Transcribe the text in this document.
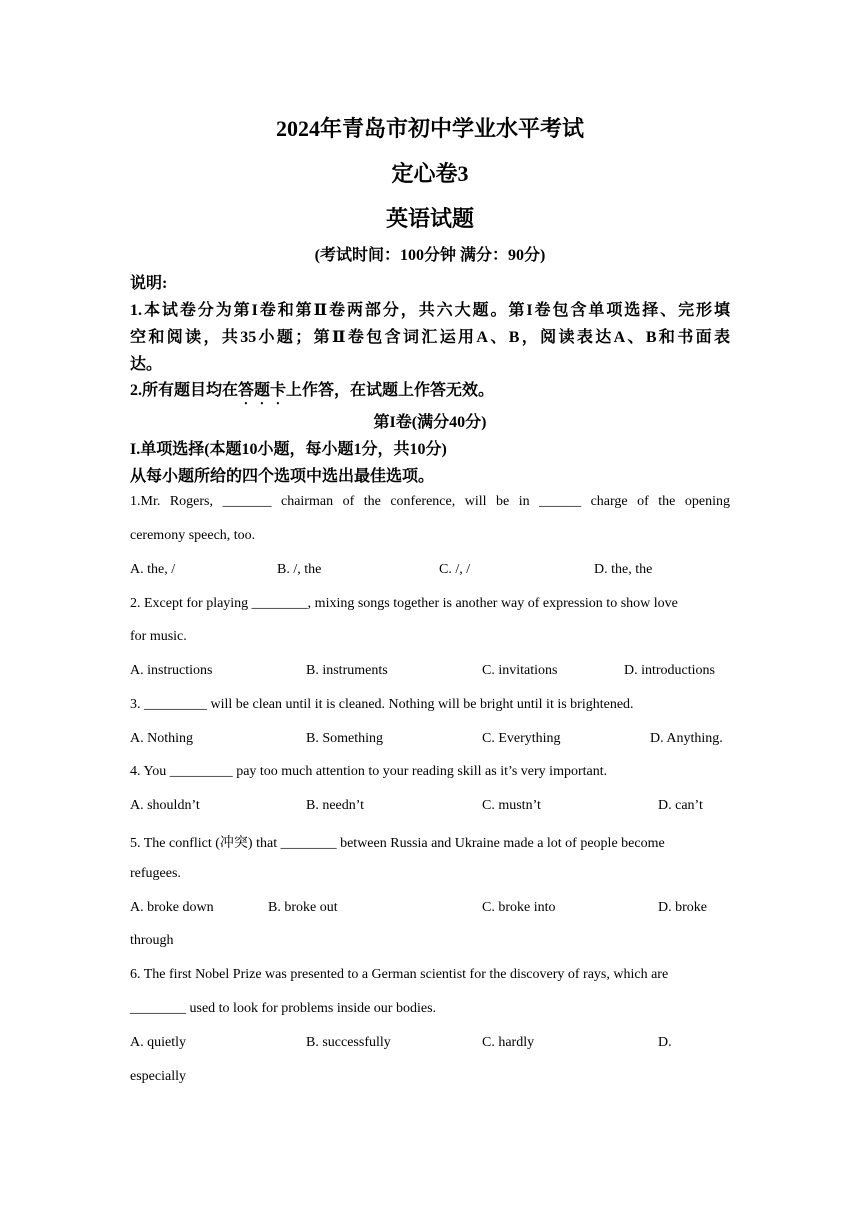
2024年青岛市初中学业水平考试
定心卷3
英语试题
(考试时间：100分钟 满分：90分)
说明:
1.本试卷分为第I卷和第Ⅱ卷两部分，共六大题。第I卷包含单项选择、完形填
空和阅读，共35小题；第Ⅱ卷包含词汇运用A、B，阅读表达A、B和书面表
达。
2.所有题目均在答题卡上作答，在试题上作答无效。
第I卷(满分40分)
I.单项选择(本题10小题，每小题1分，共10分)
从每小题所给的四个选项中选出最佳选项。
1.Mr. Rogers, _______ chairman of the conference, will be in ______ charge of the opening
ceremony speech, too.
A. the, /	B. /, the	C. /, /	D. the, the
2. Except for playing ________, mixing songs together is another way of expression to show love
for music.
A. instructions	B. instruments	C. invitations	D. introductions
3. _________ will be clean until it is cleaned. Nothing will be bright until it is brightened.
A. Nothing	B. Something	C. Everything	D. Anything.
4. You _________ pay too much attention to your reading skill as it’s very important.
A. shouldn’t	B. needn’t	C. mustn’t	D. can’t
5. The conflict (冲突) that ________ between Russia and Ukraine made a lot of people become
refugees.
A. broke down	B. broke out	C. broke into	D. broke
through
6. The first Nobel Prize was presented to a German scientist for the discovery of rays, which are
________ used to look for problems inside our bodies.
A. quietly	B. successfully	C. hardly	D.
especially
